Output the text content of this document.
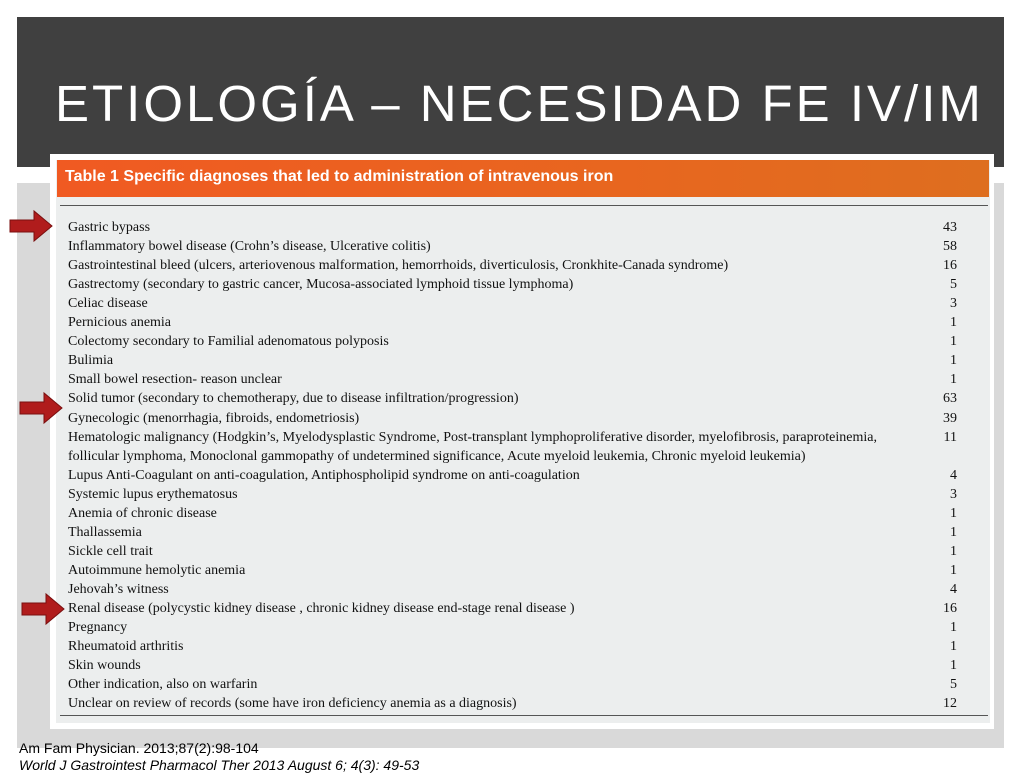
ETIOLOGÍA – NECESIDAD FE IV/IM
Table 1 Specific diagnoses that led to administration of intravenous iron
Gastric bypass	43
Inflammatory bowel disease (Crohn’s disease, Ulcerative colitis)	58
Gastrointestinal bleed (ulcers, arteriovenous malformation, hemorrhoids, diverticulosis, Cronkhite-Canada syndrome)	16
Gastrectomy (secondary to gastric cancer, Mucosa-associated lymphoid tissue lymphoma)	5
Celiac disease	3
Pernicious anemia	1
Colectomy secondary to Familial adenomatous polyposis	1
Bulimia	1
Small bowel resection- reason unclear	1
Solid tumor (secondary to chemotherapy, due to disease infiltration/progression)	63
Gynecologic (menorrhagia, fibroids, endometriosis)	39
Hematologic malignancy (Hodgkin’s, Myelodysplastic Syndrome, Post-transplant lymphoproliferative disorder, myelofibrosis, paraproteinemia,	11
follicular lymphoma, Monoclonal gammopathy of undetermined significance, Acute myeloid leukemia, Chronic myeloid leukemia)
Lupus Anti-Coagulant on anti-coagulation, Antiphospholipid syndrome on anti-coagulation	4
Systemic lupus erythematosus	3
Anemia of chronic disease	1
Thallassemia	1
Sickle cell trait	1
Autoimmune hemolytic anemia	1
Jehovah’s witness	4
Renal disease (polycystic kidney disease , chronic kidney disease end-stage renal disease )	16
Pregnancy	1
Rheumatoid arthritis	1
Skin wounds	1
Other indication, also on warfarin	5
Unclear on review of records (some have iron deficiency anemia as a diagnosis)	12
Am Fam Physician. 2013;87(2):98-104
World J Gastrointest Pharmacol Ther 2013 August 6; 4(3): 49-53
